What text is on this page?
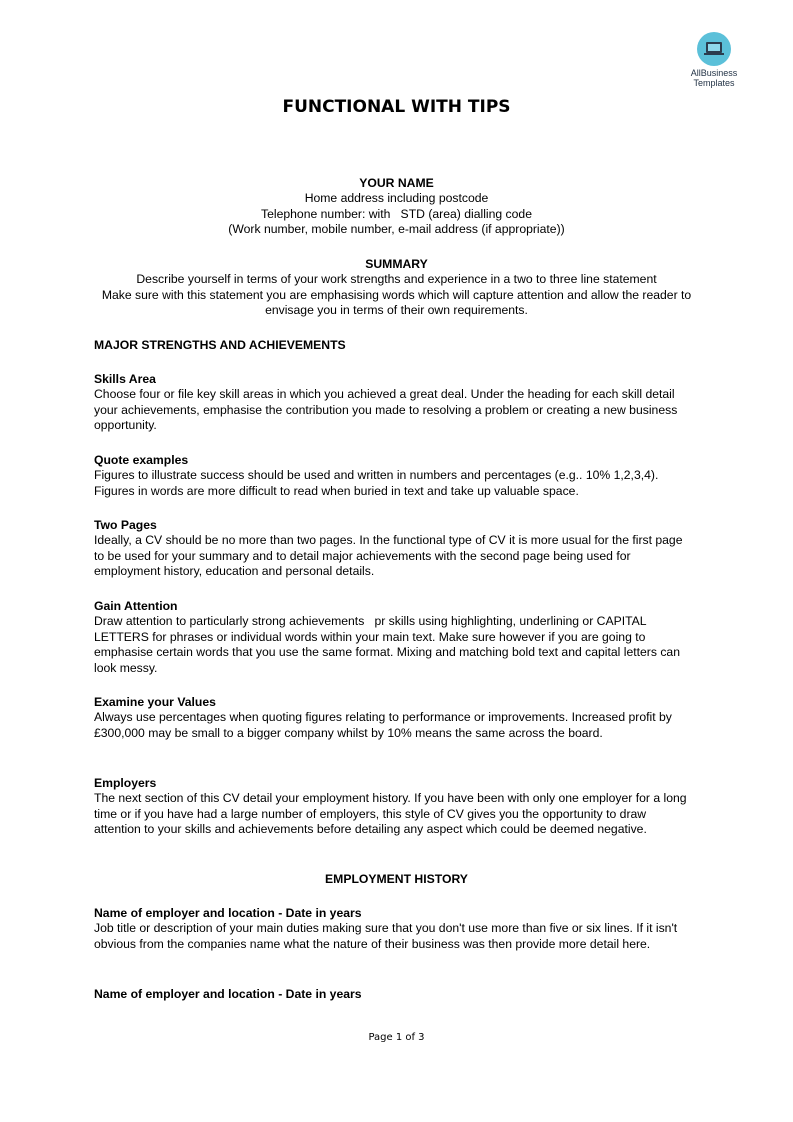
AllBusiness
Templates
FUNCTIONAL WITH TIPS

YOUR NAME

Home address including postcode

Telephone number: with   STD (area) dialling code

(Work number, mobile number, e-mail address (if appropriate))

SUMMARY

Describe yourself in terms of your work strengths and experience in a two to three line statement

Make sure with this statement you are emphasising words which will capture attention and allow the reader to envisage you in terms of their own requirements.

MAJOR STRENGTHS AND ACHIEVEMENTS

Skills Area

Choose four or file key skill areas in which you achieved a great deal. Under the heading for each skill detail your achievements, emphasise the contribution you made to resolving a problem or creating a new business opportunity.

Quote examples

Figures to illustrate success should be used and written in numbers and percentages (e.g.. 10% 1,2,3,4). Figures in words are more difficult to read when buried in text and take up valuable space.

Two Pages

Ideally, a CV should be no more than two pages. In the functional type of CV it is more usual for the first page to be used for your summary and to detail major achievements with the second page being used for employment history, education and personal details.

Gain Attention

Draw attention to particularly strong achievements   pr skills using highlighting, underlining or CAPITAL LETTERS for phrases or individual words within your main text. Make sure however if you are going to emphasise certain words that you use the same format. Mixing and matching bold text and capital letters can look messy.

Examine your Values

Always use percentages when quoting figures relating to performance or improvements. Increased profit by £300,000 may be small to a bigger company whilst by 10% means the same across the board.

Employers

The next section of this CV detail your employment history. If you have been with only one employer for a long time or if you have had a large number of employers, this style of CV gives you the opportunity to draw attention to your skills and achievements before detailing any aspect which could be deemed negative.

EMPLOYMENT HISTORY

Name of employer and location - Date in years

Job title or description of your main duties making sure that you don't use more than five or six lines. If it isn't obvious from the companies name what the nature of their business was then provide more detail here.

Name of employer and location - Date in years

Page 1 of 3
